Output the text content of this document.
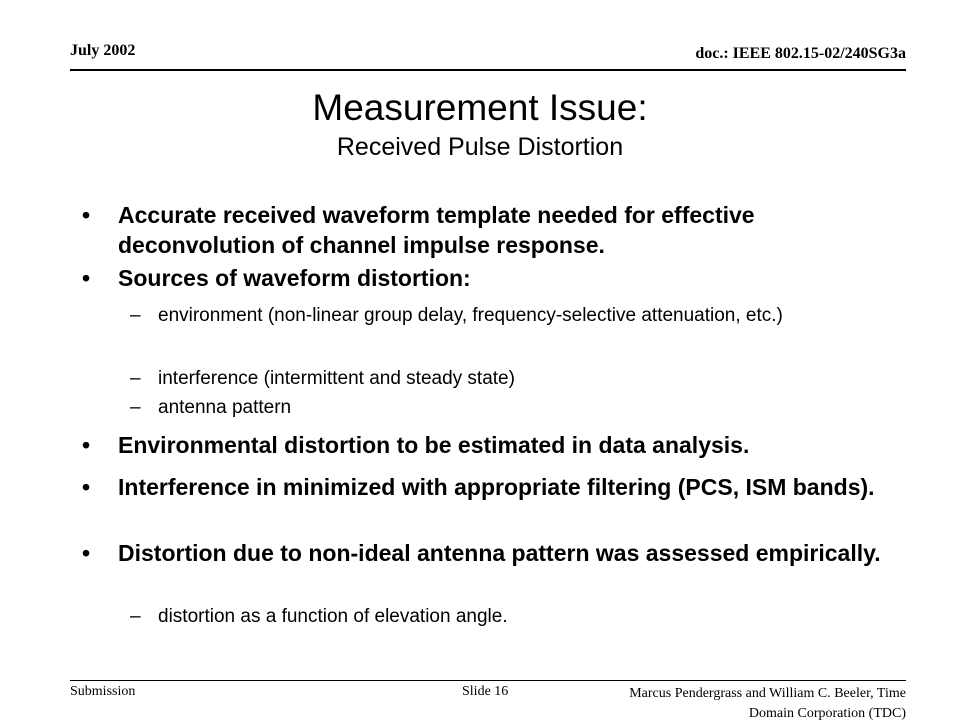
July 2002	doc.: IEEE 802.15-02/240SG3a
Measurement Issue:
Received Pulse Distortion
• Accurate received waveform template needed for effective deconvolution of channel impulse response.
• Sources of waveform distortion:
– environment (non-linear group delay, frequency-selective attenuation, etc.)
– interference (intermittent and steady state)
• Environmental distortion to be estimated in data analysis.
• Interference in minimized with appropriate filtering (PCS, ISM bands).
• Distortion due to non-ideal antenna pattern was assessed empirically.
– distortion as a function of elevation angle.
– antenna pattern
Submission	Slide 16	Marcus Pendergrass and William C. Beeler, Time
Domain Corporation (TDC)
